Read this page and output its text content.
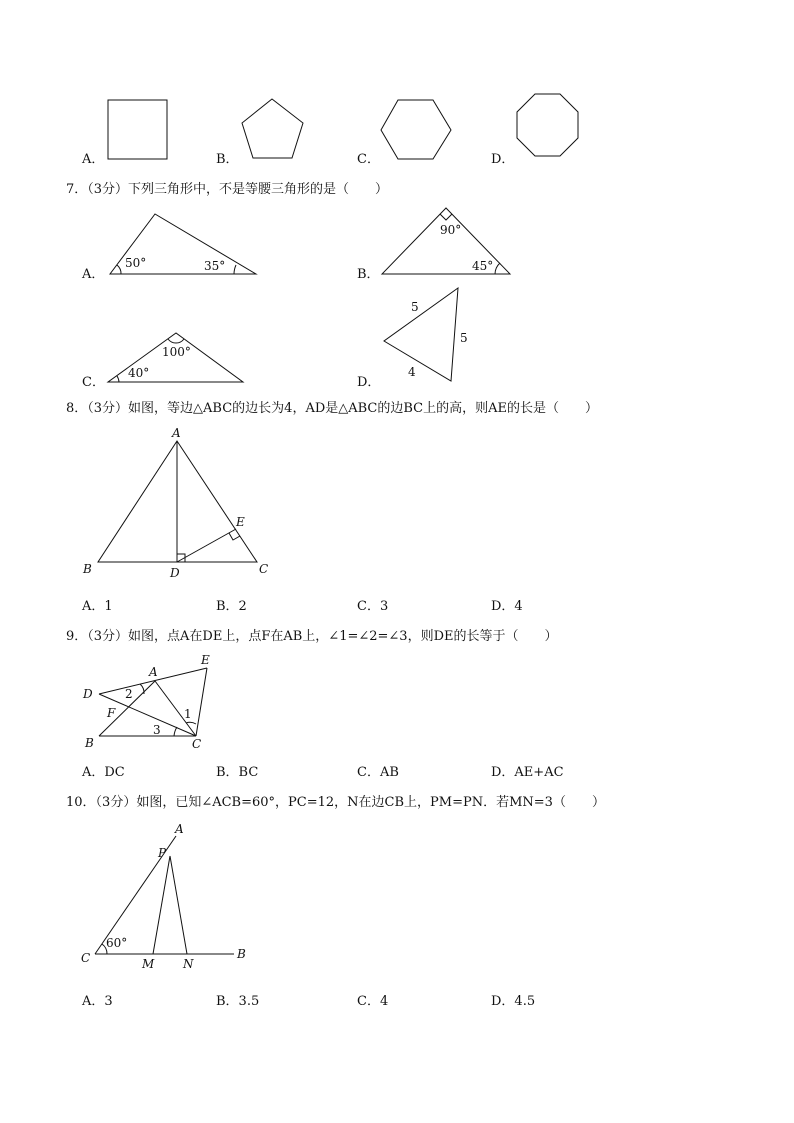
A．	B．	C．	D．
7．（3分）下列三角形中，不是等腰三角形的是（　　）
A．
50°	35°
B．
90°
45°
C．
100°
40°
D．
5
5
4
8．（3分）如图，等边△ABC的边长为4，AD是△ABC的边BC上的高，则AE的长是（　　）
A
B	C
D
E
A．1	B．2	C．3	D．4
9．（3分）如图，点A在DE上，点F在AB上，∠1=∠2=∠3，则DE的长等于（　　）
A
B	C
D
E
F	1
2
3
A．DC	B．BC	C．AB	D．AE+AC
10．（3分）如图，已知∠ACB=60°，PC=12，N在边CB上，PM=PN．若MN=3（　　）
A
B
C
P
M N
60°
A．3	B．3.5	C．4	D．4.5
